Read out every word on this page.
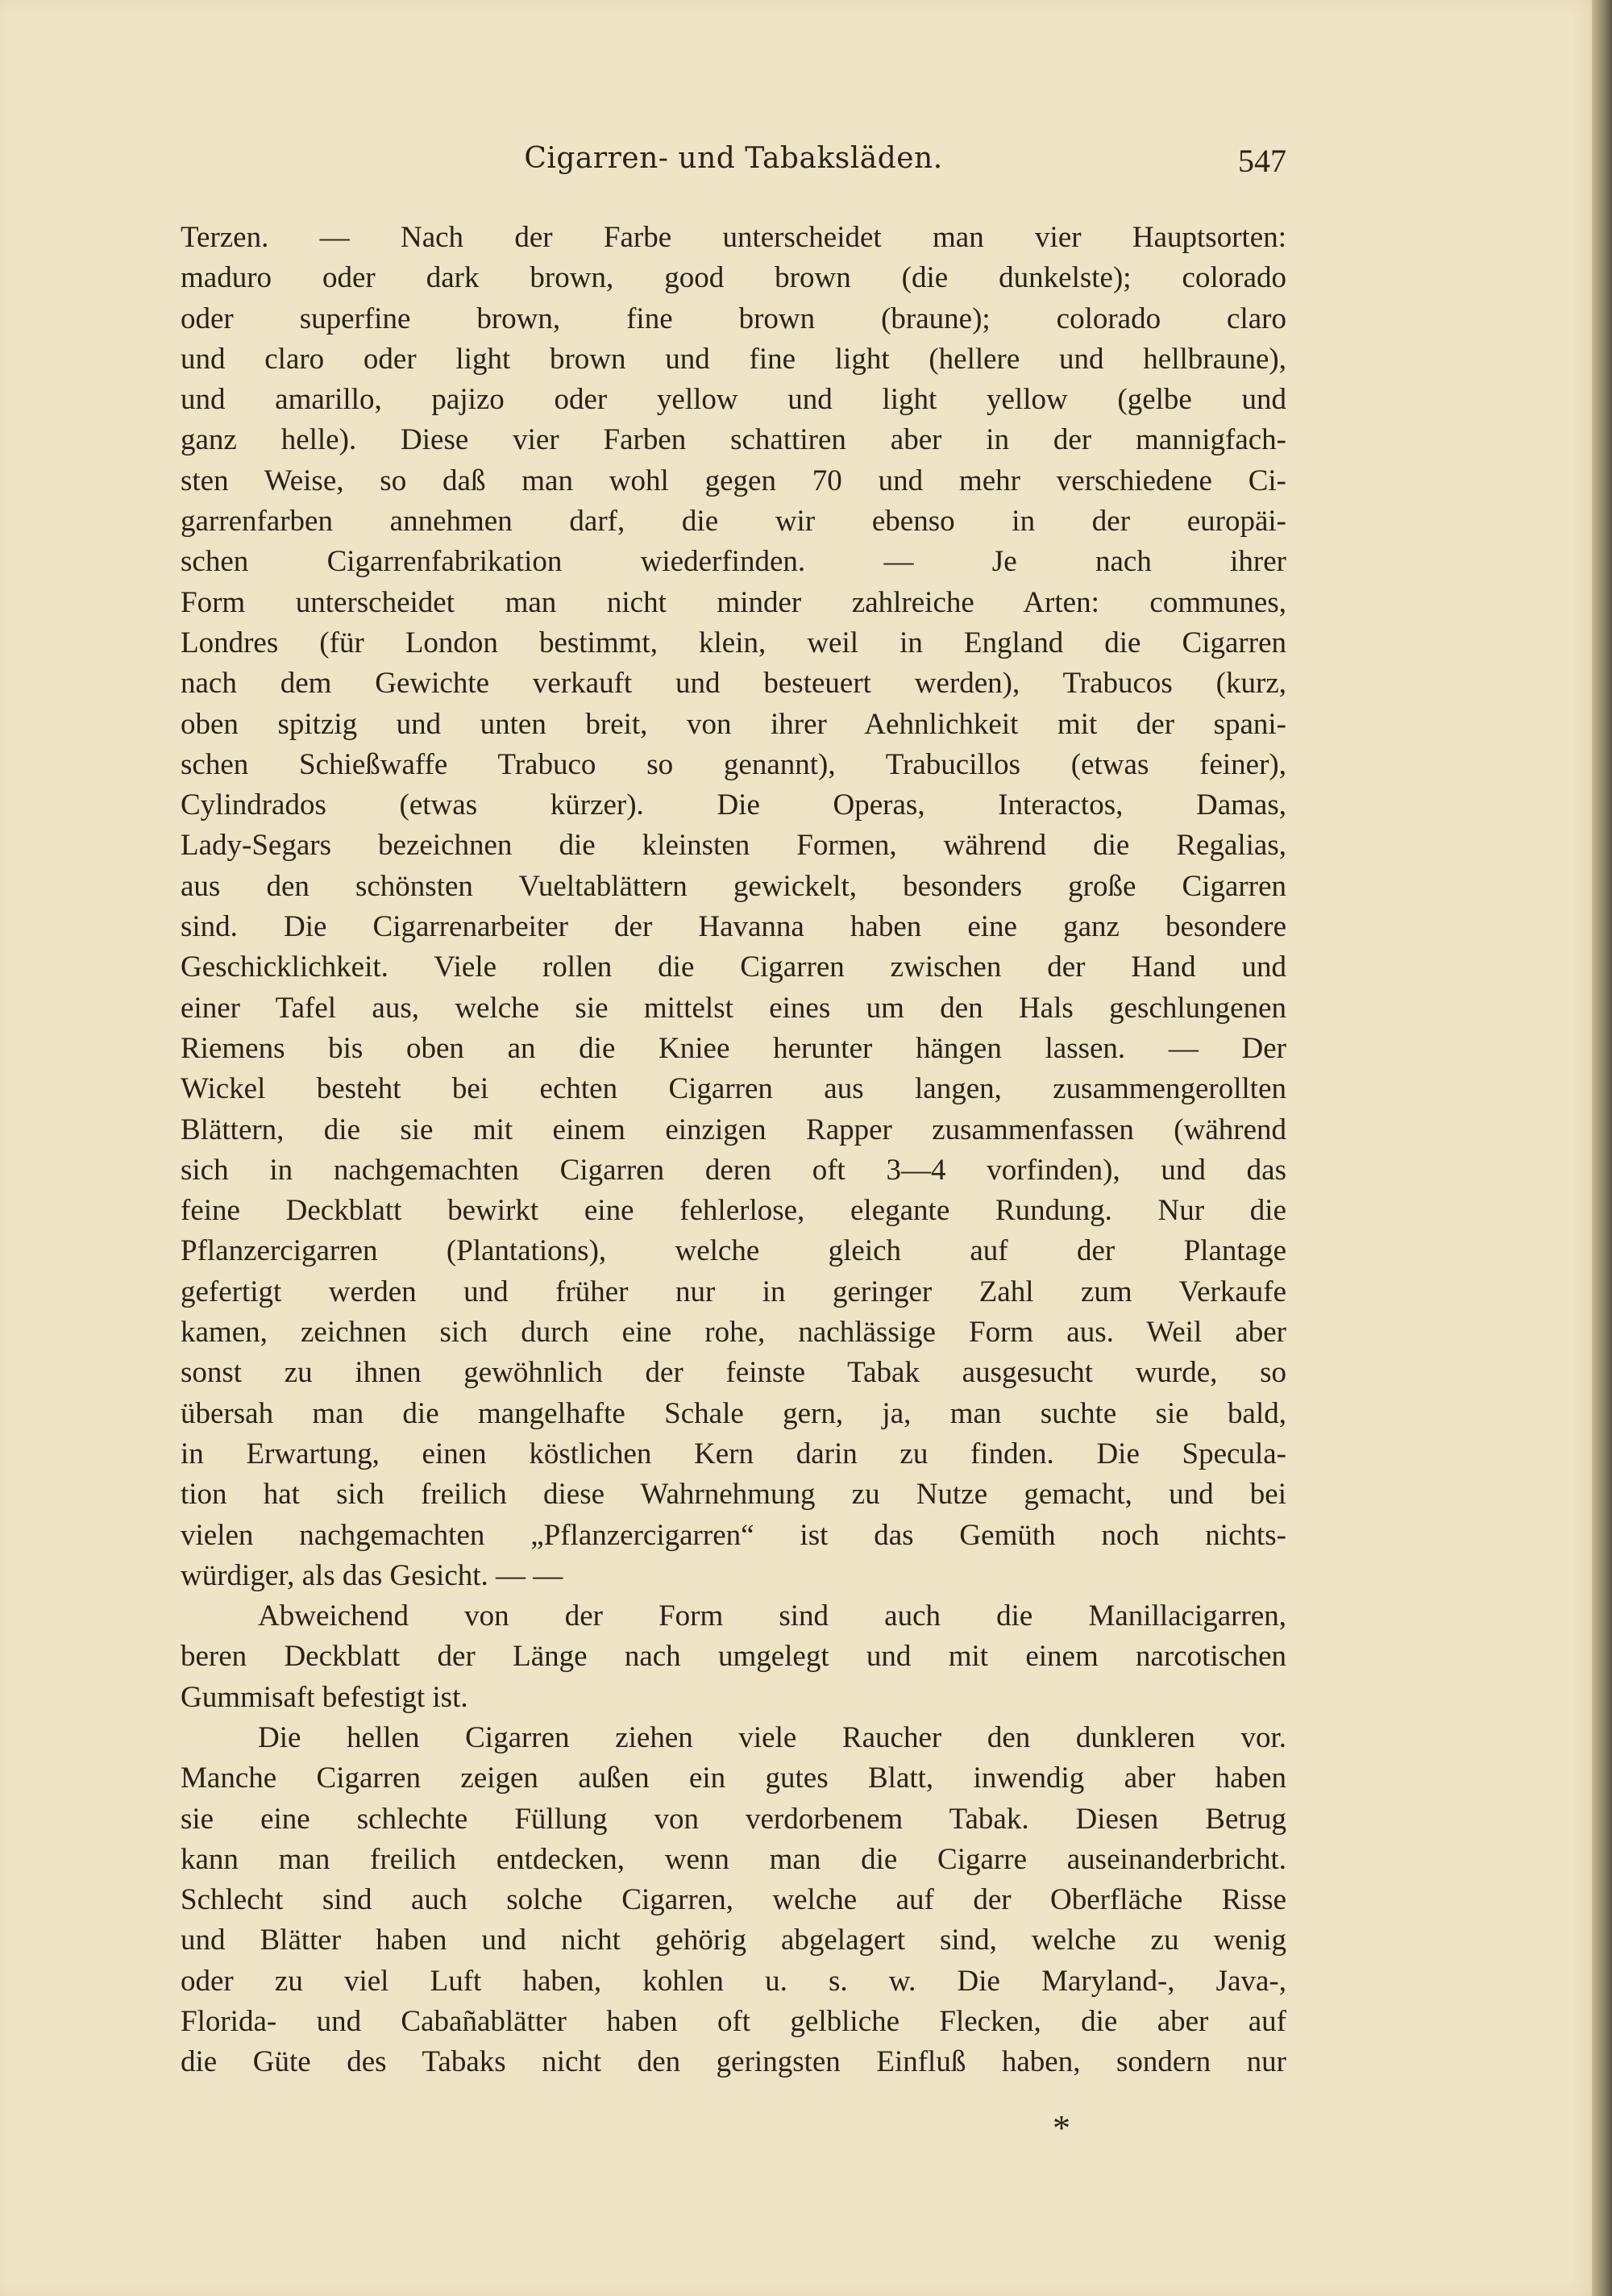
Cigarren- und Tabaksläden.	547
Terzen. — Nach der Farbe unterscheidet man vier Hauptsorten:
maduro oder dark brown, good brown (die dunkelste); colorado
oder superfine brown, fine brown (braune); colorado claro
und claro oder light brown und fine light (hellere und hellbraune),
und amarillo, pajizo oder yellow und light yellow (gelbe und
ganz helle). Diese vier Farben schattiren aber in der mannigfach-
sten Weise, so daß man wohl gegen 70 und mehr verschiedene Ci-
garrenfarben annehmen darf, die wir ebenso in der europäi-
schen Cigarrenfabrikation wiederfinden. — Je nach ihrer
Form unterscheidet man nicht minder zahlreiche Arten: communes,
Londres (für London bestimmt, klein, weil in England die Cigarren
nach dem Gewichte verkauft und besteuert werden), Trabucos (kurz,
oben spitzig und unten breit, von ihrer Aehnlichkeit mit der spani-
schen Schießwaffe Trabuco so genannt), Trabucillos (etwas feiner),
Cylindrados (etwas kürzer). Die Operas, Interactos, Damas,
Lady-Segars bezeichnen die kleinsten Formen, während die Regalias,
aus den schönsten Vueltablättern gewickelt, besonders große Cigarren
sind. Die Cigarrenarbeiter der Havanna haben eine ganz besondere
Geschicklichkeit. Viele rollen die Cigarren zwischen der Hand und
einer Tafel aus, welche sie mittelst eines um den Hals geschlungenen
Riemens bis oben an die Kniee herunter hängen lassen. — Der
Wickel besteht bei echten Cigarren aus langen, zusammengerollten
Blättern, die sie mit einem einzigen Rapper zusammenfassen (während
sich in nachgemachten Cigarren deren oft 3—4 vorfinden), und das
feine Deckblatt bewirkt eine fehlerlose, elegante Rundung. Nur die
Pflanzercigarren (Plantations), welche gleich auf der Plantage
gefertigt werden und früher nur in geringer Zahl zum Verkaufe
kamen, zeichnen sich durch eine rohe, nachlässige Form aus. Weil aber
sonst zu ihnen gewöhnlich der feinste Tabak ausgesucht wurde, so
übersah man die mangelhafte Schale gern, ja, man suchte sie bald,
in Erwartung, einen köstlichen Kern darin zu finden. Die Specula-
tion hat sich freilich diese Wahrnehmung zu Nutze gemacht, und bei
vielen nachgemachten „Pflanzercigarren“ ist das Gemüth noch nichts-
würdiger, als das Gesicht. — —
Abweichend von der Form sind auch die Manillacigarren,
beren Deckblatt der Länge nach umgelegt und mit einem narcotischen
Gummisaft befestigt ist.
Die hellen Cigarren ziehen viele Raucher den dunkleren vor.
Manche Cigarren zeigen außen ein gutes Blatt, inwendig aber haben
sie eine schlechte Füllung von verdorbenem Tabak. Diesen Betrug
kann man freilich entdecken, wenn man die Cigarre auseinanderbricht.
Schlecht sind auch solche Cigarren, welche auf der Oberfläche Risse
und Blätter haben und nicht gehörig abgelagert sind, welche zu wenig
oder zu viel Luft haben, kohlen u. s. w. Die Maryland-, Java-,
Florida- und Cabañablätter haben oft gelbliche Flecken, die aber auf
die Güte des Tabaks nicht den geringsten Einfluß haben, sondern nur
*
